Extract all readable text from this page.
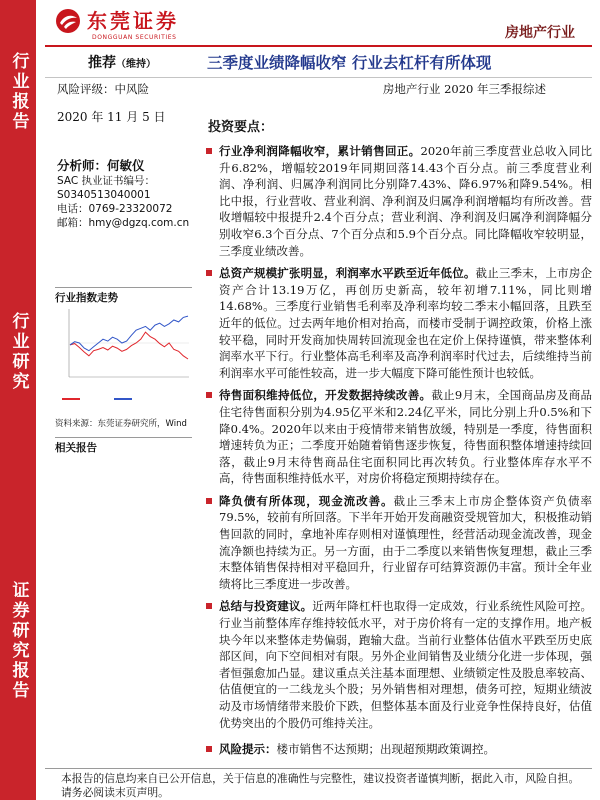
行业报告
行业研究
证券研究报告
东莞证券
DONGGUAN SECURITIES	房地产行业
推荐（维持）	三季度业绩降幅收窄 行业去杠杆有所体现
风险评级：中风险	房地产行业 2020 年三季报综述
2020 年 11 月 5 日
投资要点：
分析师：何敏仪
SAC 执业证书编号：
S0340513040001
电话：0769-23320072
邮箱：hmy@dgzq.com.cn
行业指数走势
资料来源：东莞证券研究所，Wind
相关报告

行业净利润降幅收窄，累计销售回正。2020年前三季度营业总收入同比升6.82%，增幅较2019年同期回落14.43个百分点。前三季度营业利润、净利润、归属净利润同比分别降7.43%、降6.97%和降9.54%。相比中报，行业营收、营业利润、净利润及归属净利润增幅均有所改善。营收增幅较中报提升2.4个百分点；营业利润、净利润及归属净利润降幅分别收窄6.3个百分点、7个百分点和5.9个百分点。同比降幅收窄较明显，三季度业绩改善。

总资产规模扩张明显，利润率水平跌至近年低位。截止三季末，上市房企资产合计13.19万亿，再创历史新高，较年初增7.11%，同比则增14.68%。三季度行业销售毛利率及净利率均较二季末小幅回落，且跌至近年的低位。过去两年地价相对抬高，而楼市受制于调控政策，价格上涨较平稳，同时开发商加快周转回流现金也在定价上保持谨慎，带来整体利润率水平下行。行业整体高毛利率及高净利润率时代过去，后续维持当前利润率水平可能性较高，进一步大幅度下降可能性预计也较低。

待售面积维持低位，开发数据持续改善。截止9月末，全国商品房及商品住宅待售面积分别为4.95亿平米和2.24亿平米，同比分别上升0.5%和下降0.4%。2020年以来由于疫情带来销售放缓，特别是一季度，待售面积增速转负为正；二季度开始随着销售逐步恢复，待售面积整体增速持续回落，截止9月末待售商品住宅面积同比再次转负。行业整体库存水平不高，待售面积维持低水平，对房价将稳定预期持续存在。

降负债有所体现，现金流改善。截止三季末上市房企整体资产负债率79.5%，较前有所回落。下半年开始开发商融资受规管加大，积极推动销售回款的同时，拿地补库存则相对谨慎理性，经营活动现金流改善，现金流净额也持续为正。另一方面，由于二季度以来销售恢复理想，截止三季末整体销售保持相对平稳回升，行业留存可结算资源仍丰富。预计全年业绩将比三季度进一步改善。

总结与投资建议。近两年降杠杆也取得一定成效，行业系统性风险可控。行业当前整体库存维持较低水平，对于房价将有一定的支撑作用。地产板块今年以来整体走势偏弱，跑输大盘。当前行业整体估值水平跌至历史底部区间，向下空间相对有限。另外企业间销售及业绩分化进一步体现，强者恒强愈加凸显。建议重点关注基本面理想、业绩锁定性及股息率较高、估值便宜的一二线龙头个股；另外销售相对理想，债务可控，短期业绩波动及市场情绪带来股价下跌，但整体基本面及行业竞争性保持良好，估值优势突出的个股仍可维持关注。

风险提示：楼市销售不达预期；出现超预期政策调控。

本报告的信息均来自已公开信息，关于信息的准确性与完整性，建议投资者谨慎判断，据此入市，风险自担。
请务必阅读末页声明。
